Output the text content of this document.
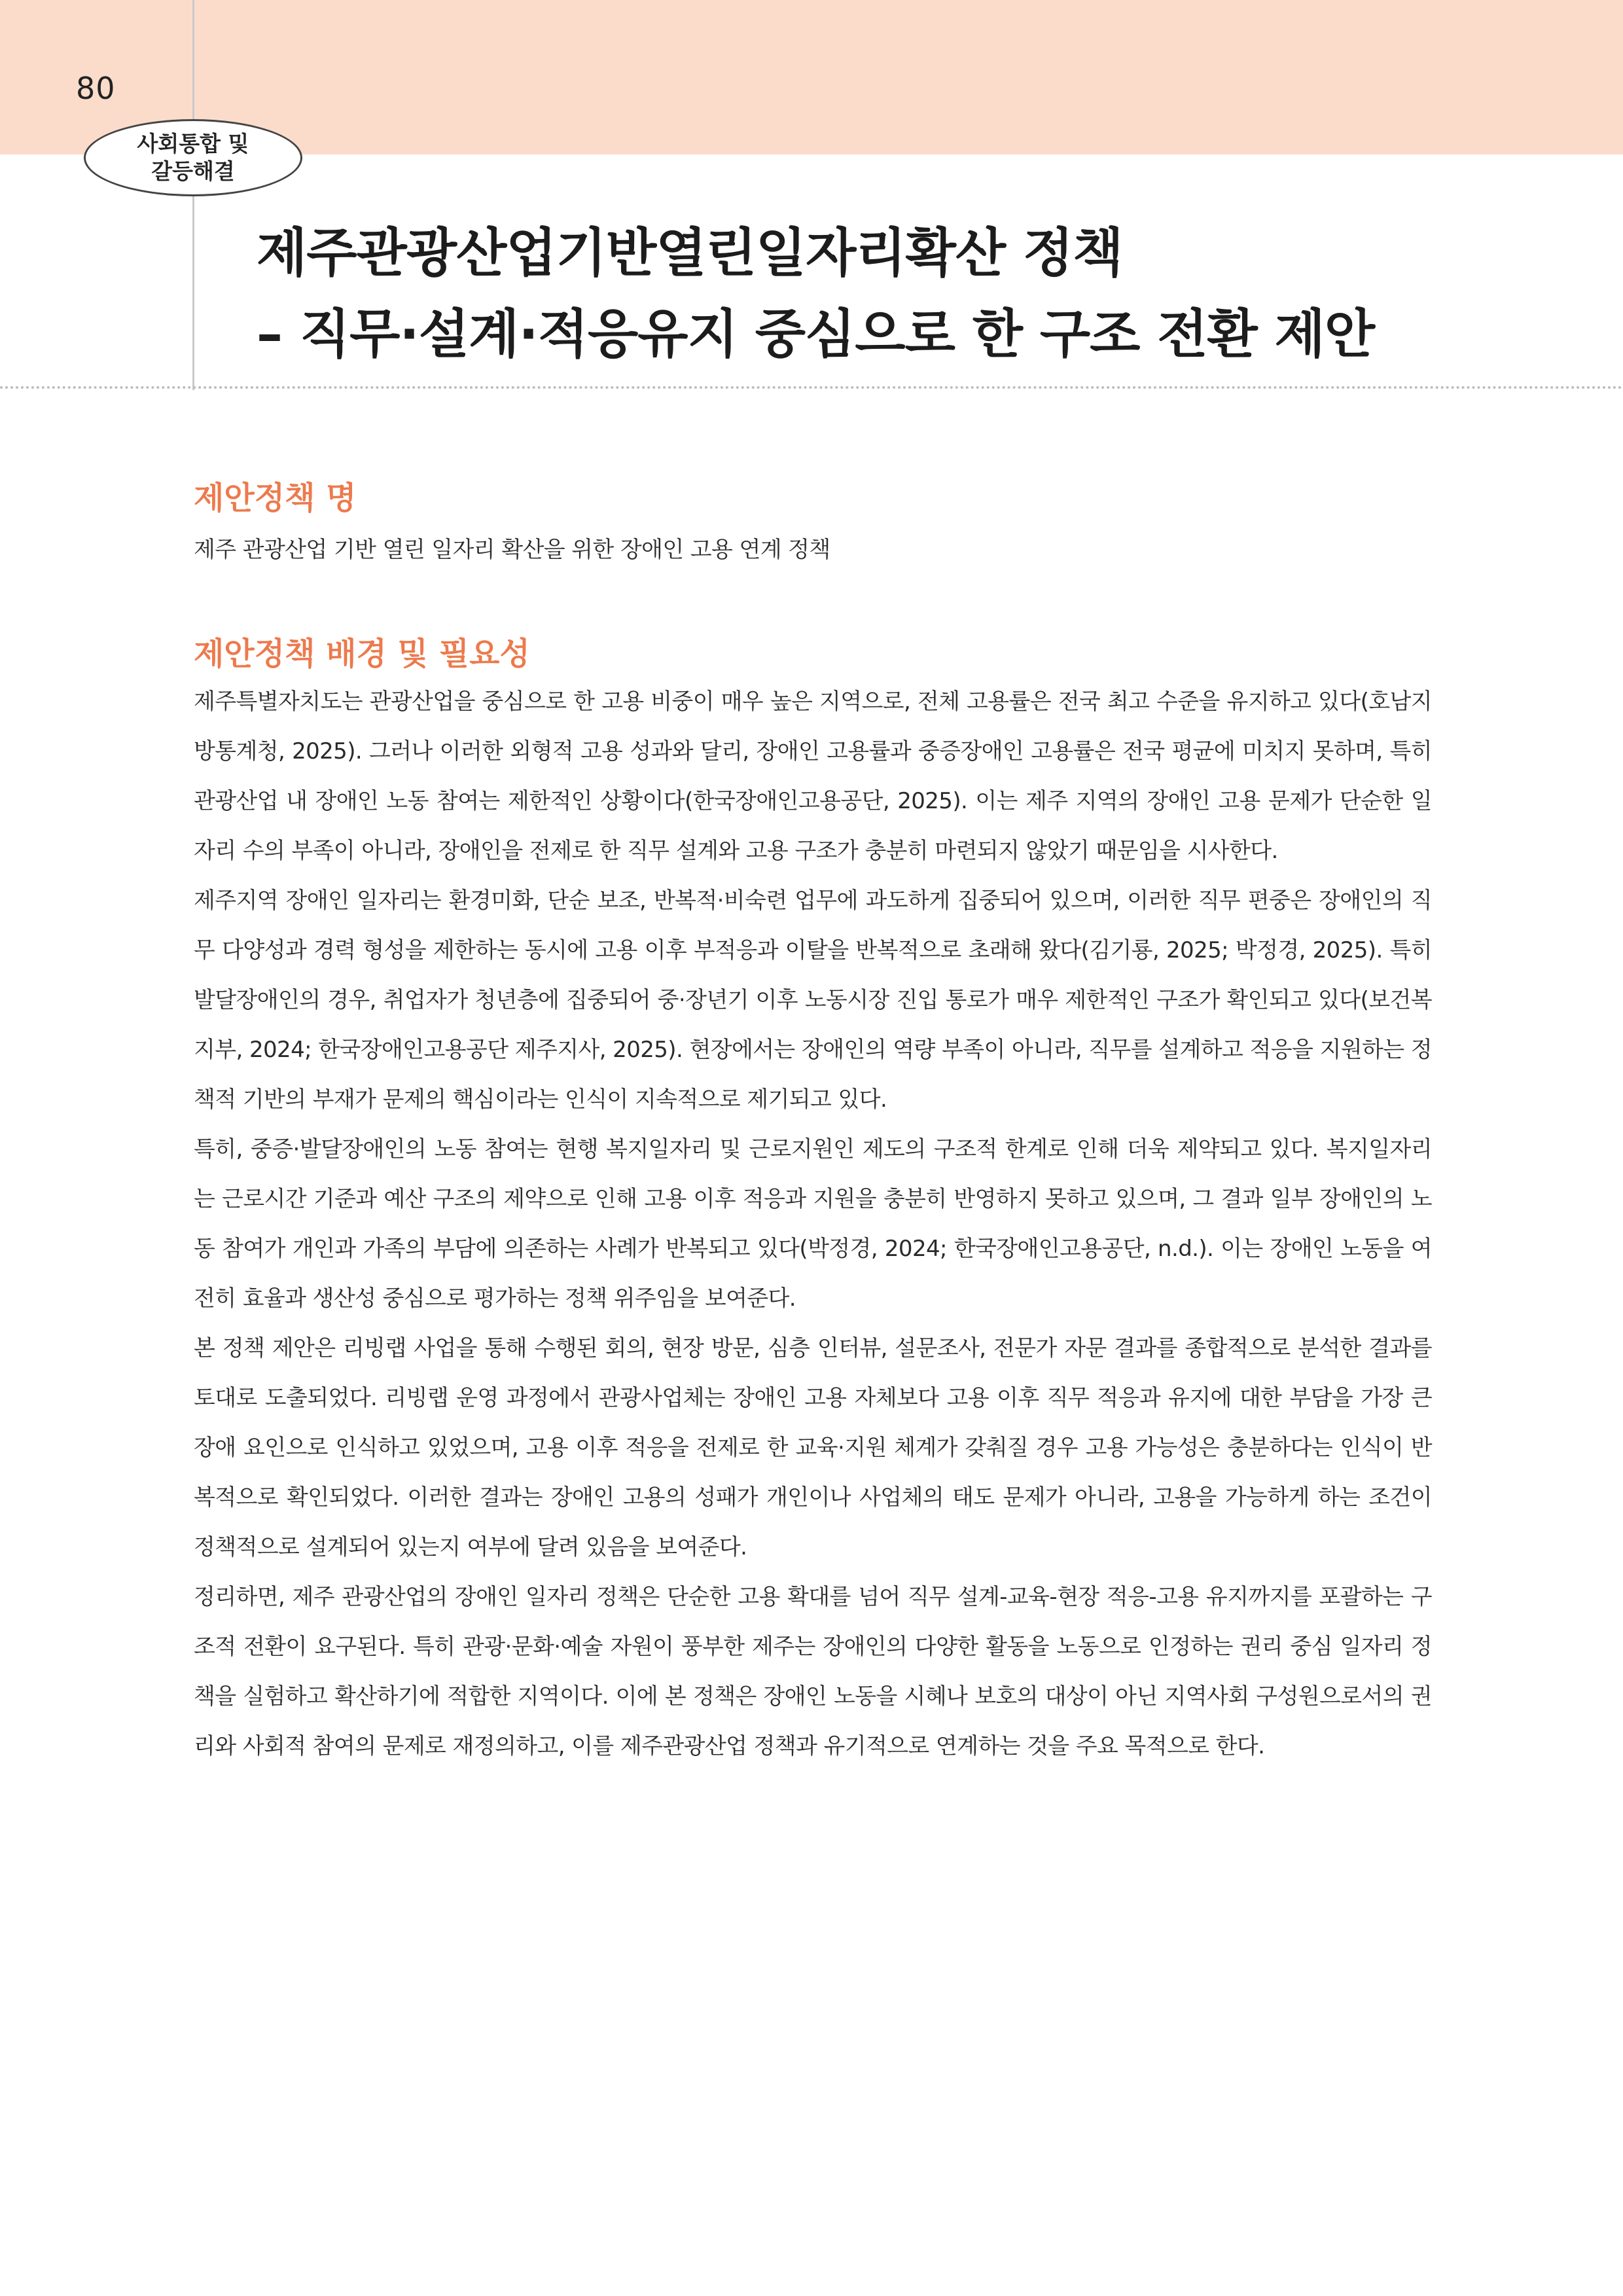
80
사회통합 및
갈등해결
제주관광산업기반열린일자리확산 정책
– 직무·설계·적응유지 중심으로 한 구조 전환 제안
제안정책 명

제주 관광산업 기반 열린 일자리 확산을 위한 장애인 고용 연계 정책

제안정책 배경 및 필요성

제주특별자치도는 관광산업을 중심으로 한 고용 비중이 매우 높은 지역으로, 전체 고용률은 전국 최고 수준을 유지하고 있다(호남지방통계청, 2025). 그러나 이러한 외형적 고용 성과와 달리, 장애인 고용률과 중증장애인 고용률은 전국 평균에 미치지 못하며, 특히 관광산업 내 장애인 노동 참여는 제한적인 상황이다(한국장애인고용공단, 2025). 이는 제주 지역의 장애인 고용 문제가 단순한 일자리 수의 부족이 아니라, 장애인을 전제로 한 직무 설계와 고용 구조가 충분히 마련되지 않았기 때문임을 시사한다.

제주지역 장애인 일자리는 환경미화, 단순 보조, 반복적·비숙련 업무에 과도하게 집중되어 있으며, 이러한 직무 편중은 장애인의 직무 다양성과 경력 형성을 제한하는 동시에 고용 이후 부적응과 이탈을 반복적으로 초래해 왔다(김기룡, 2025; 박정경, 2025). 특히 발달장애인의 경우, 취업자가 청년층에 집중되어 중·장년기 이후 노동시장 진입 통로가 매우 제한적인 구조가 확인되고 있다(보건복지부, 2024; 한국장애인고용공단 제주지사, 2025). 현장에서는 장애인의 역량 부족이 아니라, 직무를 설계하고 적응을 지원하는 정책적 기반의 부재가 문제의 핵심이라는 인식이 지속적으로 제기되고 있다.

특히, 중증·발달장애인의 노동 참여는 현행 복지일자리 및 근로지원인 제도의 구조적 한계로 인해 더욱 제약되고 있다. 복지일자리는 근로시간 기준과 예산 구조의 제약으로 인해 고용 이후 적응과 지원을 충분히 반영하지 못하고 있으며, 그 결과 일부 장애인의 노동 참여가 개인과 가족의 부담에 의존하는 사례가 반복되고 있다(박정경, 2024; 한국장애인고용공단, n.d.). 이는 장애인 노동을 여전히 효율과 생산성 중심으로 평가하는 정책 위주임을 보여준다.

본 정책 제안은 리빙랩 사업을 통해 수행된 회의, 현장 방문, 심층 인터뷰, 설문조사, 전문가 자문 결과를 종합적으로 분석한 결과를 토대로 도출되었다. 리빙랩 운영 과정에서 관광사업체는 장애인 고용 자체보다 고용 이후 직무 적응과 유지에 대한 부담을 가장 큰 장애 요인으로 인식하고 있었으며, 고용 이후 적응을 전제로 한 교육·지원 체계가 갖춰질 경우 고용 가능성은 충분하다는 인식이 반복적으로 확인되었다. 이러한 결과는 장애인 고용의 성패가 개인이나 사업체의 태도 문제가 아니라, 고용을 가능하게 하는 조건이 정책적으로 설계되어 있는지 여부에 달려 있음을 보여준다.

정리하면, 제주 관광산업의 장애인 일자리 정책은 단순한 고용 확대를 넘어 직무 설계-교육-현장 적응-고용 유지까지를 포괄하는 구조적 전환이 요구된다. 특히 관광·문화·예술 자원이 풍부한 제주는 장애인의 다양한 활동을 노동으로 인정하는 권리 중심 일자리 정책을 실험하고 확산하기에 적합한 지역이다. 이에 본 정책은 장애인 노동을 시혜나 보호의 대상이 아닌 지역사회 구성원으로서의 권리와 사회적 참여의 문제로 재정의하고, 이를 제주관광산업 정책과 유기적으로 연계하는 것을 주요 목적으로 한다.
